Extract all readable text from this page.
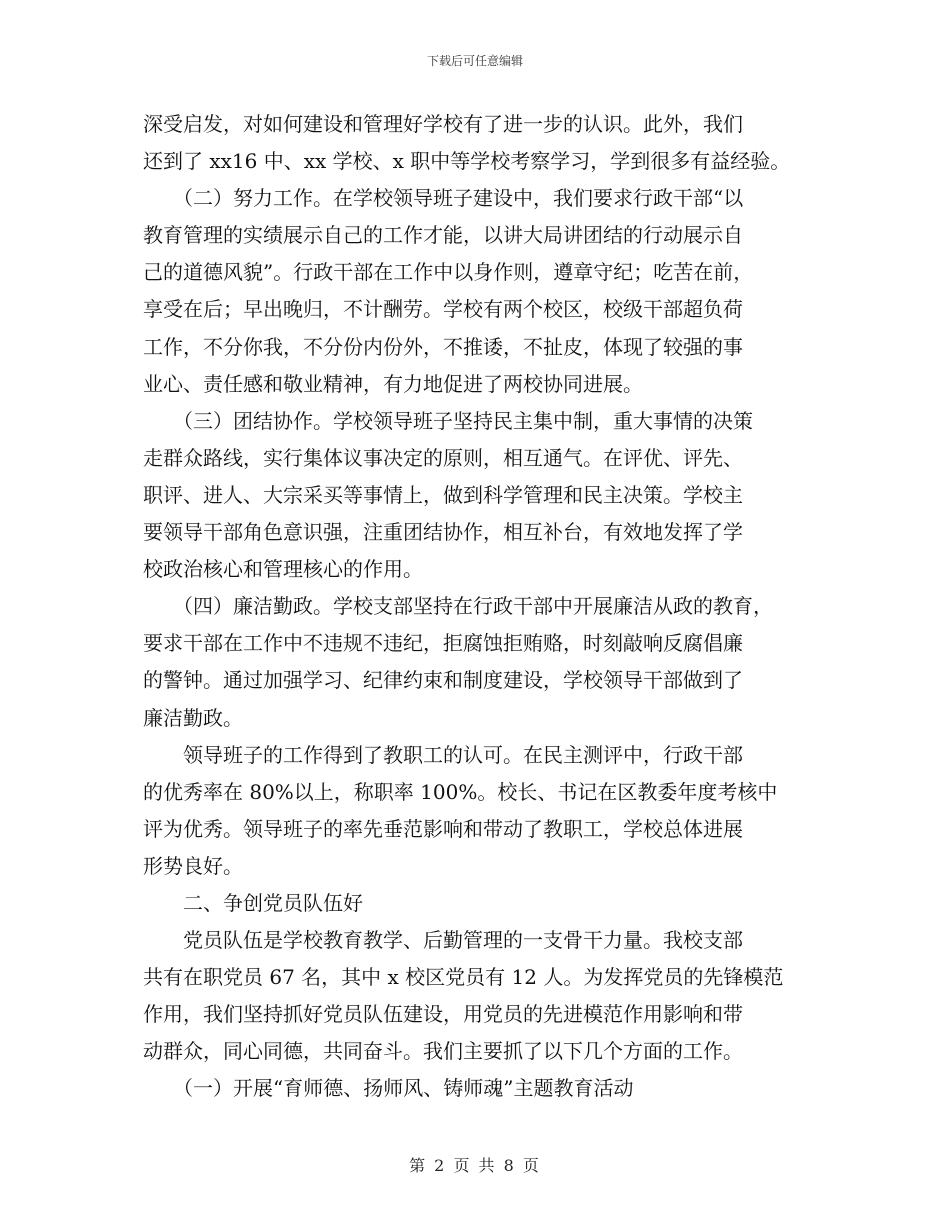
下载后可任意编辑
深受启发，对如何建设和管理好学校有了进一步的认识。此外，我们
还到了 xx16 中、xx 学校、x 职中等学校考察学习，学到很多有益经验。
　　（二）努力工作。在学校领导班子建设中，我们要求行政干部“以
教育管理的实绩展示自己的工作才能，以讲大局讲团结的行动展示自
己的道德风貌”。行政干部在工作中以身作则，遵章守纪；吃苦在前，
享受在后；早出晚归，不计酬劳。学校有两个校区，校级干部超负荷
工作，不分你我，不分份内份外，不推诿，不扯皮，体现了较强的事
业心、责任感和敬业精神，有力地促进了两校协同进展。
　　（三）团结协作。学校领导班子坚持民主集中制，重大事情的决策
走群众路线，实行集体议事决定的原则，相互通气。在评优、评先、
职评、进人、大宗采买等事情上，做到科学管理和民主决策。学校主
要领导干部角色意识强，注重团结协作，相互补台，有效地发挥了学
校政治核心和管理核心的作用。
　　（四）廉洁勤政。学校支部坚持在行政干部中开展廉洁从政的教育，
要求干部在工作中不违规不违纪，拒腐蚀拒贿赂，时刻敲响反腐倡廉
的警钟。通过加强学习、纪律约束和制度建设，学校领导干部做到了
廉洁勤政。
　　领导班子的工作得到了教职工的认可。在民主测评中，行政干部
的优秀率在 80%以上，称职率 100%。校长、书记在区教委年度考核中
评为优秀。领导班子的率先垂范影响和带动了教职工，学校总体进展
形势良好。
　　二、争创党员队伍好
　　党员队伍是学校教育教学、后勤管理的一支骨干力量。我校支部
共有在职党员 67 名，其中 x 校区党员有 12 人。为发挥党员的先锋模范
作用，我们坚持抓好党员队伍建设，用党员的先进模范作用影响和带
动群众，同心同德，共同奋斗。我们主要抓了以下几个方面的工作。
　　（一）开展“育师德、扬师风、铸师魂”主题教育活动
第 2 页 共 8 页
